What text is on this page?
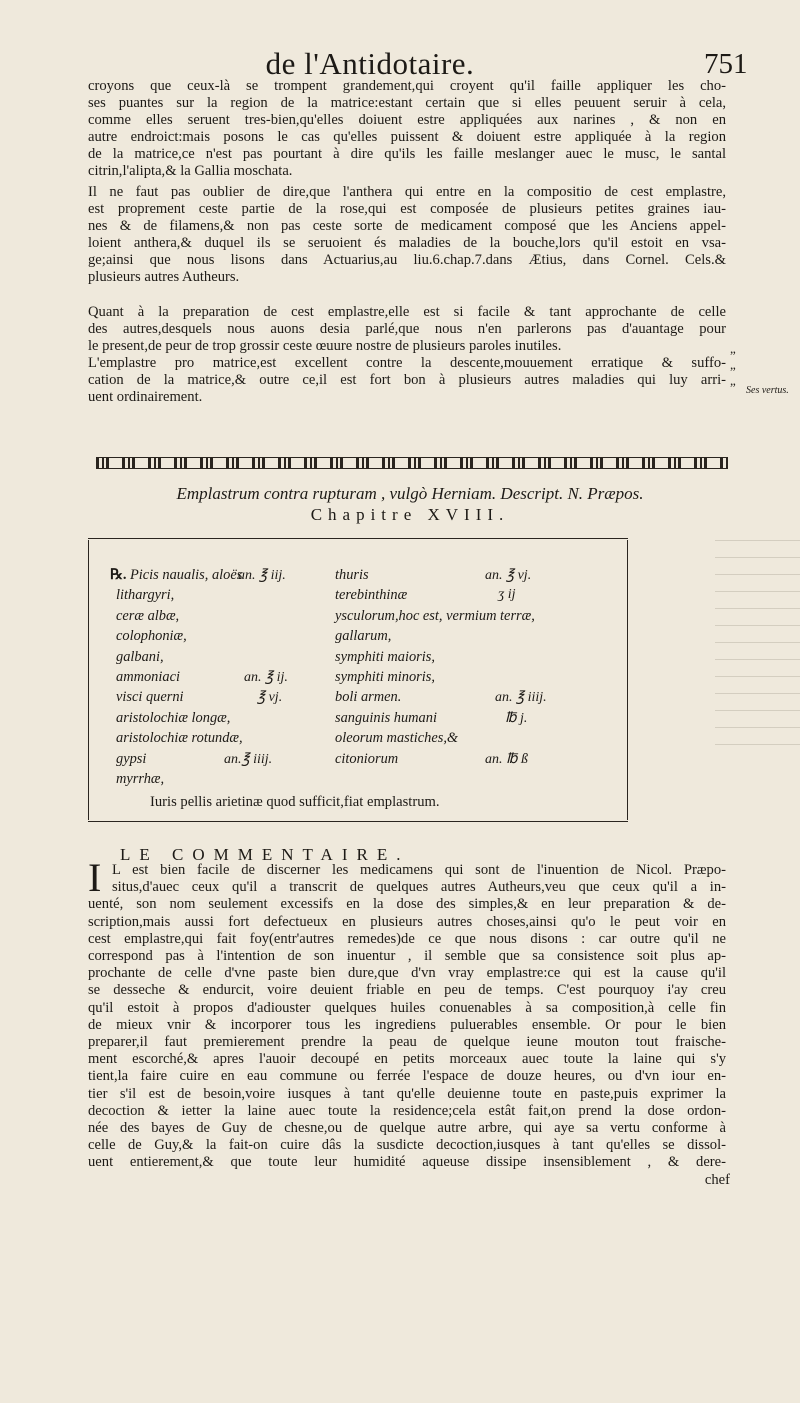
de l'Antidotaire.	751
croyons que ceux-là se trompent grandement,qui croyent qu'il faille appliquer les cho-
ses puantes sur la region de la matrice:estant certain que si elles peuuent seruir à cela,
comme elles seruent tres-bien,qu'elles doiuent estre appliquées aux narines , & non en
autre endroict:mais posons le cas qu'elles puissent & doiuent estre appliquée à la region
de la matrice,ce n'est pas pourtant à dire qu'ils les faille meslanger auec le musc, le santal
citrin,l'alipta,& la Gallia moschata.
Il ne faut pas oublier de dire,que l'anthera qui entre en la compositio de cest emplastre,
est proprement ceste partie de la rose,qui est composée de plusieurs petites graines iau-
nes & de filamens,& non pas ceste sorte de medicament composé que les Anciens appel-
loient anthera,& duquel ils se seruoient és maladies de la bouche,lors qu'il estoit en vsa-
ge;ainsi que nous lisons dans Actuarius,au liu.6.chap.7.dans Ætius, dans Cornel. Cels.&
plusieurs autres Autheurs.
Quant à la preparation de cest emplastre,elle est si facile & tant approchante de celle
des autres,desquels nous auons desia parlé,que nous n'en parlerons pas d'auantage pour
le present,de peur de trop grossir ceste œuure nostre de plusieurs paroles inutiles.
L'emplastre pro matrice,est excellent contre la descente,mouuement erratique & suffo-
cation de la matrice,& outre ce,il est fort bon à plusieurs autres maladies qui luy arri-
uent ordinairement.
”
”
” Ses vertus.
Emplastrum contra rupturam , vulgò Herniam. Descript. N. Præpos.
Chapitre XVIII.
℞. Picis naualis, aloës
lithargyri,
ceræ albæ,
colophoniæ,
galbani,
ammoniaci
visci querni
aristolochiæ longæ,
aristolochiæ rotundæ,
gypsi
myrrhæ,
an. ℥ iij.
an. ℥ ij.
℥ vj.
an.℥ iiij.
thuris
terebinthinæ
ysculorum,hoc est, vermium terræ,
gallarum,
symphiti maioris,
symphiti minoris,
boli armen.
sanguinis humani
oleorum mastiches,&
citoniorum
an. ℥ vj.
ʒ ij
an. ℥ iiij.
℔ j.
an. ℔ ß
Iuris pellis arietinæ quod sufficit,fiat emplastrum.
LE COMMENTAIRE.
I L est bien facile de discerner les medicamens qui sont de l'inuention de Nicol. Præpo-
situs,d'auec ceux qu'il a transcrit de quelques autres Autheurs,veu que ceux qu'il a in-
uenté, son nom seulement excessifs en la dose des simples,& en leur preparation & de-
scription,mais aussi fort defectueux en plusieurs autres choses,ainsi qu'o le peut voir en
cest emplastre,qui fait foy(entr'autres remedes)de ce que nous disons : car outre qu'il ne
correspond pas à l'intention de son inuentur , il semble que sa consistence soit plus ap-
prochante de celle d'vne paste bien dure,que d'vn vray emplastre:ce qui est la cause qu'il
se desseche & endurcit, voire deuient friable en peu de temps. C'est pourquoy i'ay creu
qu'il estoit à propos d'adiouster quelques huiles conuenables à sa composition,à celle fin
de mieux vnir & incorporer tous les ingrediens puluerables ensemble. Or pour le bien
preparer,il faut premierement prendre la peau de quelque ieune mouton tout fraische-
ment escorché,& apres l'auoir decoupé en petits morceaux auec toute la laine qui s'y
tient,la faire cuire en eau commune ou ferrée l'espace de douze heures, ou d'vn iour en-
tier s'il est de besoin,voire iusques à tant qu'elle deuienne toute en paste,puis exprimer la
decoction & ietter la laine auec toute la residence;cela estât fait,on prend la dose ordon-
née des bayes de Guy de chesne,ou de quelque autre arbre, qui aye sa vertu conforme à
celle de Guy,& la fait-on cuire dâs la susdicte decoction,iusques à tant qu'elles se dissol-
uent entierement,& que toute leur humidité aqueuse dissipe insensiblement , & dere-
chef
